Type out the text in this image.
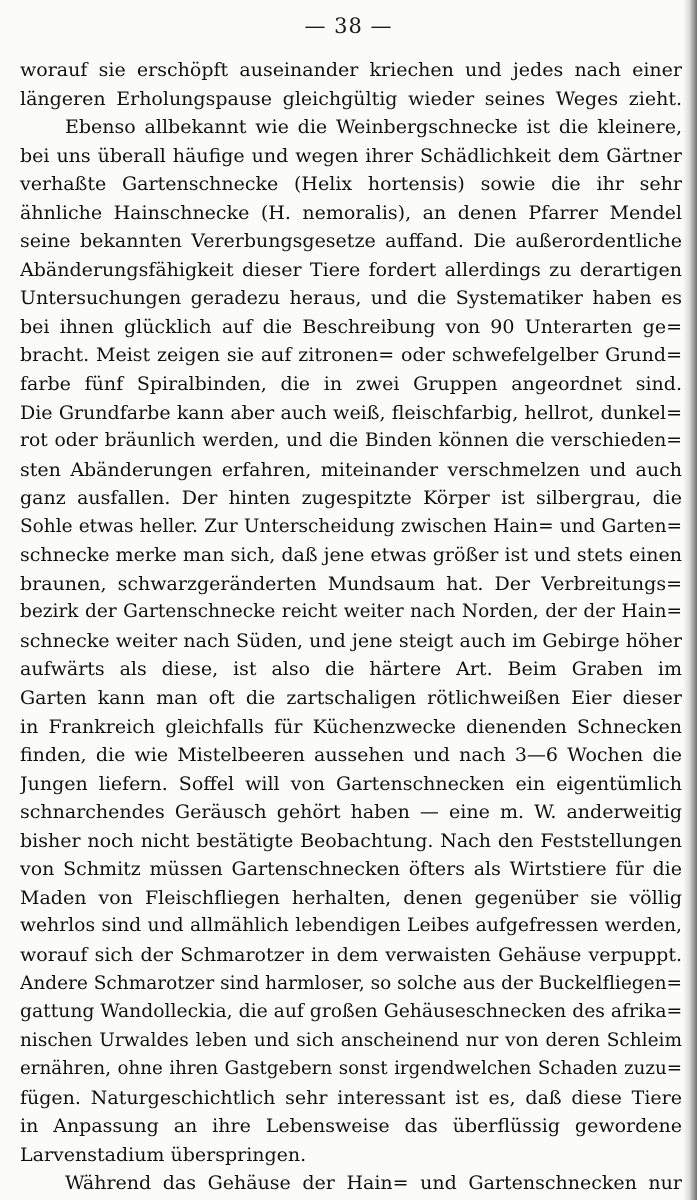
— 38 —
worauf sie erschöpft auseinander kriechen und jedes nach einer
längeren Erholungspause gleichgültig wieder seines Weges zieht.
Ebenso allbekannt wie die Weinbergschnecke ist die kleinere,
bei uns überall häufige und wegen ihrer Schädlichkeit dem Gärtner
verhaßte Gartenschnecke (Helix hortensis) sowie die ihr sehr
ähnliche Hainschnecke (H. nemoralis), an denen Pfarrer Mendel
seine bekannten Vererbungsgesetze auffand. Die außerordentliche
Abänderungsfähigkeit dieser Tiere fordert allerdings zu derartigen
Untersuchungen geradezu heraus, und die Systematiker haben es
bei ihnen glücklich auf die Beschreibung von 90 Unterarten ge=
bracht. Meist zeigen sie auf zitronen= oder schwefelgelber Grund=
farbe fünf Spiralbinden, die in zwei Gruppen angeordnet sind.
Die Grundfarbe kann aber auch weiß, fleischfarbig, hellrot, dunkel=
rot oder bräunlich werden, und die Binden können die verschieden=
sten Abänderungen erfahren, miteinander verschmelzen und auch
ganz ausfallen. Der hinten zugespitzte Körper ist silbergrau, die
Sohle etwas heller. Zur Unterscheidung zwischen Hain= und Garten=
schnecke merke man sich, daß jene etwas größer ist und stets einen
braunen, schwarzgeränderten Mundsaum hat. Der Verbreitungs=
bezirk der Gartenschnecke reicht weiter nach Norden, der der Hain=
schnecke weiter nach Süden, und jene steigt auch im Gebirge höher
aufwärts als diese, ist also die härtere Art. Beim Graben im
Garten kann man oft die zartschaligen rötlichweißen Eier dieser
in Frankreich gleichfalls für Küchenzwecke dienenden Schnecken
finden, die wie Mistelbeeren aussehen und nach 3—6 Wochen die
Jungen liefern. Soffel will von Gartenschnecken ein eigentümlich
schnarchendes Geräusch gehört haben — eine m. W. anderweitig
bisher noch nicht bestätigte Beobachtung. Nach den Feststellungen
von Schmitz müssen Gartenschnecken öfters als Wirtstiere für die
Maden von Fleischfliegen herhalten, denen gegenüber sie völlig
wehrlos sind und allmählich lebendigen Leibes aufgefressen werden,
worauf sich der Schmarotzer in dem verwaisten Gehäuse verpuppt.
Andere Schmarotzer sind harmloser, so solche aus der Buckelfliegen=
gattung Wandolleckia, die auf großen Gehäuseschnecken des afrika=
nischen Urwaldes leben und sich anscheinend nur von deren Schleim
ernähren, ohne ihren Gastgebern sonst irgendwelchen Schaden zuzu=
fügen. Naturgeschichtlich sehr interessant ist es, daß diese Tiere
in Anpassung an ihre Lebensweise das überflüssig gewordene
Larvenstadium überspringen.
Während das Gehäuse der Hain= und Gartenschnecken nur
